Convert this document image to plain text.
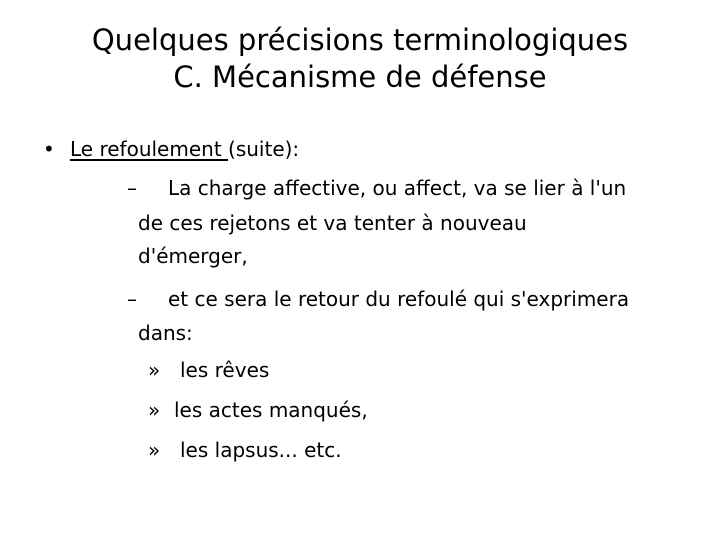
Quelques précisions terminologiques
C. Mécanisme de défense
• Le refoulement (suite):
– La charge affective, ou affect, va se lier à l'un
de ces rejetons et va tenter à nouveau
d'émerger,
– et ce sera le retour du refoulé qui s'exprimera
dans:
» les rêves
» les actes manqués,
» les lapsus... etc.
